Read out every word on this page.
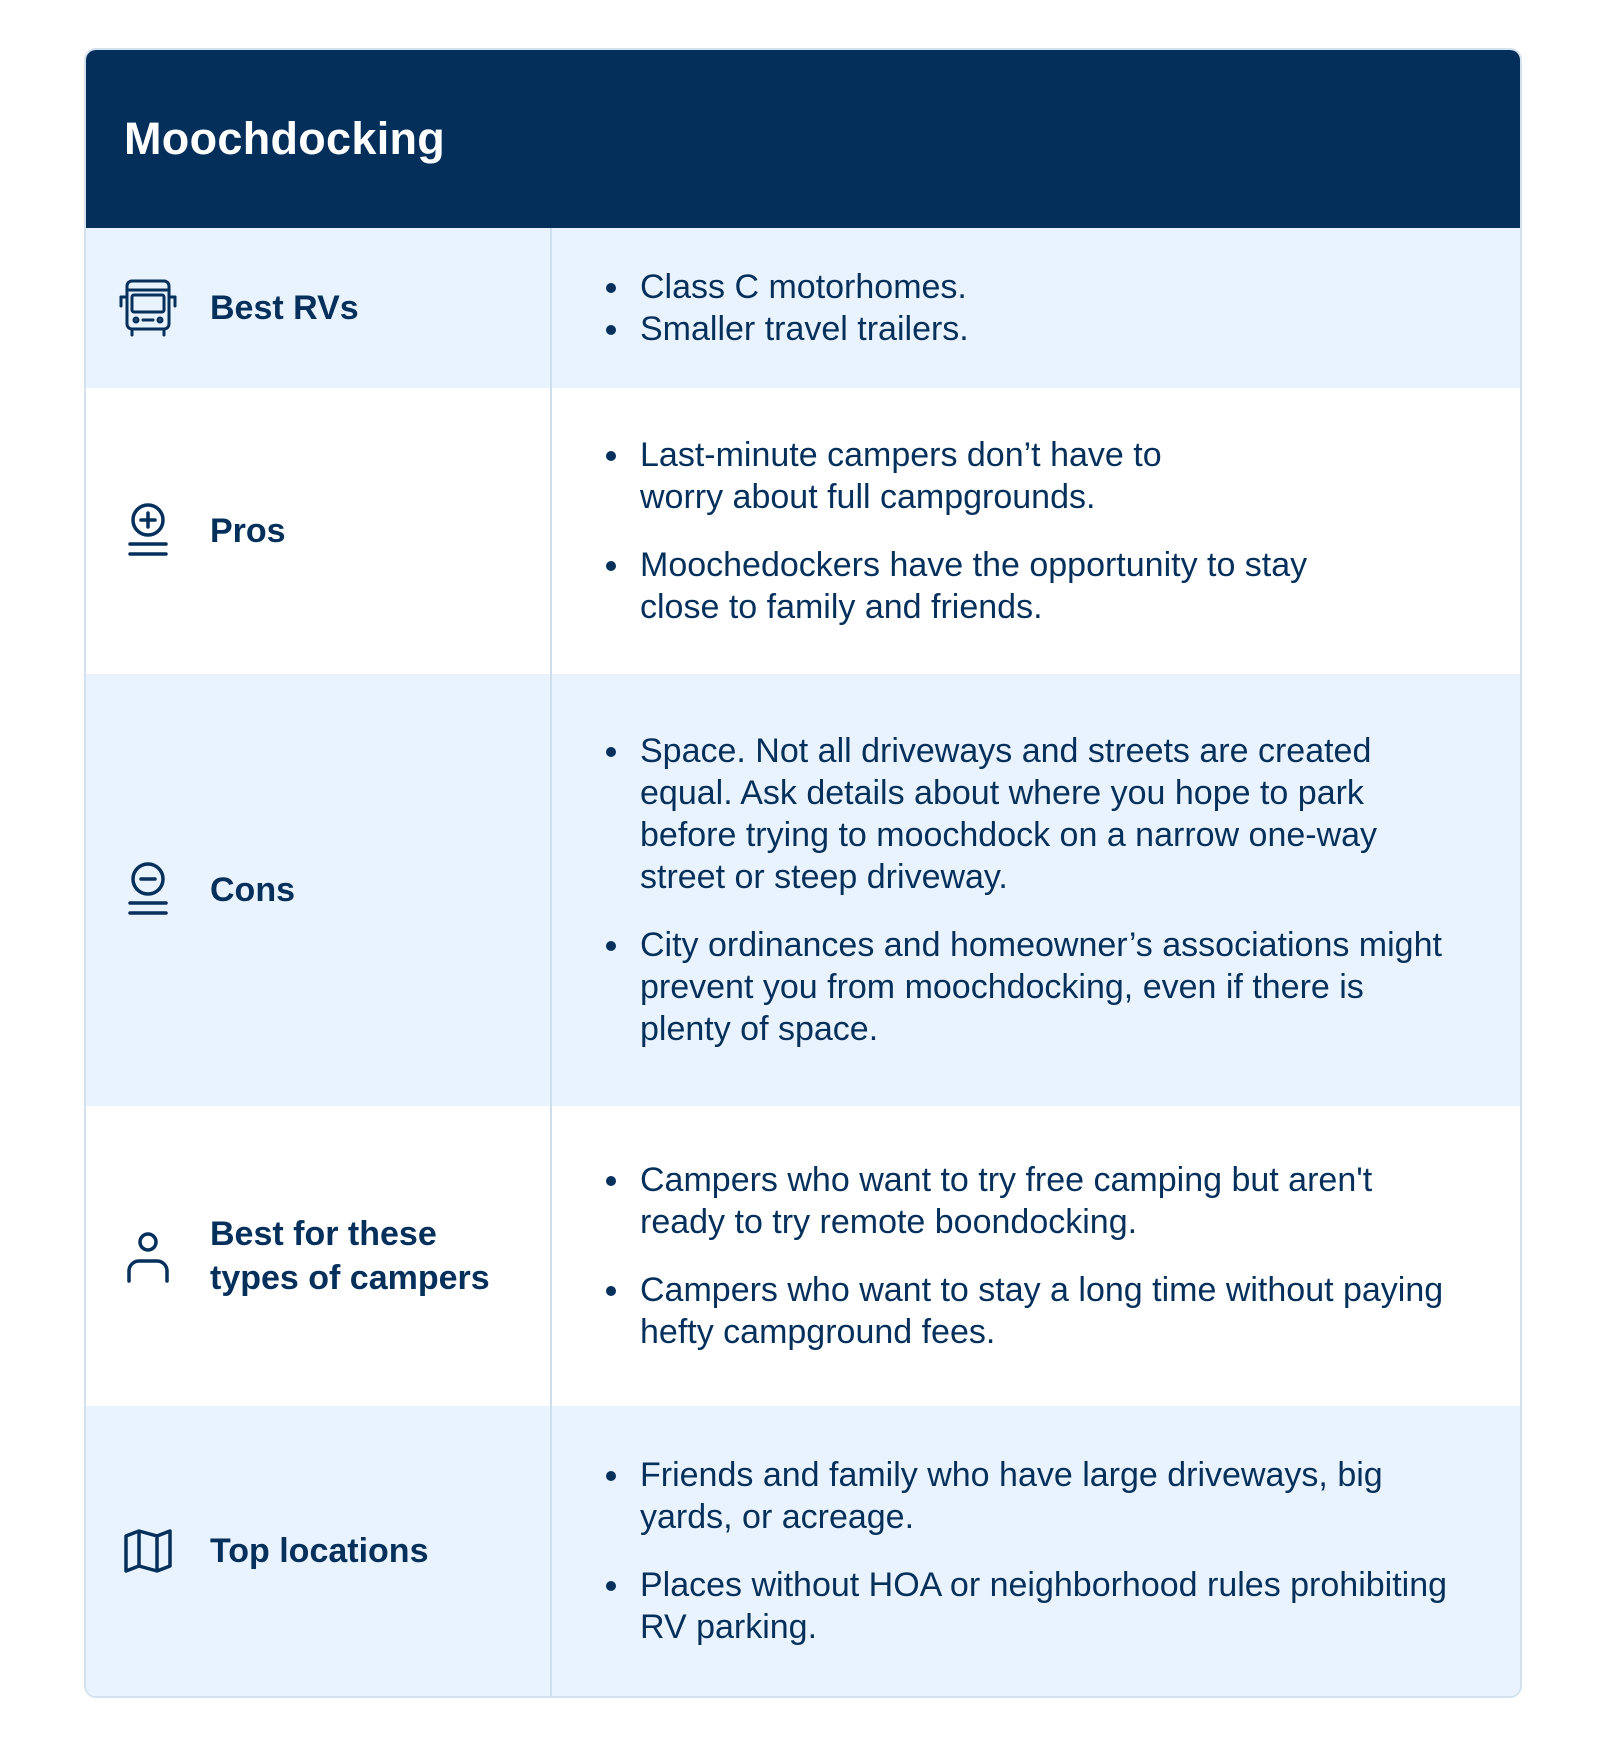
Moochdocking
Best RVs
Class C motorhomes.
Smaller travel trailers.
Pros
Last-minute campers don’t have to worry about full campgrounds.
Moochedockers have the opportunity to stay close to family and friends.
Cons
Space. Not all driveways and streets are created equal. Ask details about where you hope to park before trying to moochdock on a narrow one-way street or steep driveway.
City ordinances and homeowner’s associations might prevent you from moochdocking, even if there is plenty of space.
Best for these types of campers
Campers who want to try free camping but aren't ready to try remote boondocking.
Campers who want to stay a long time without paying hefty campground fees.
Top locations
Friends and family who have large driveways, big yards, or acreage.
Places without HOA or neighborhood rules prohibiting RV parking.
